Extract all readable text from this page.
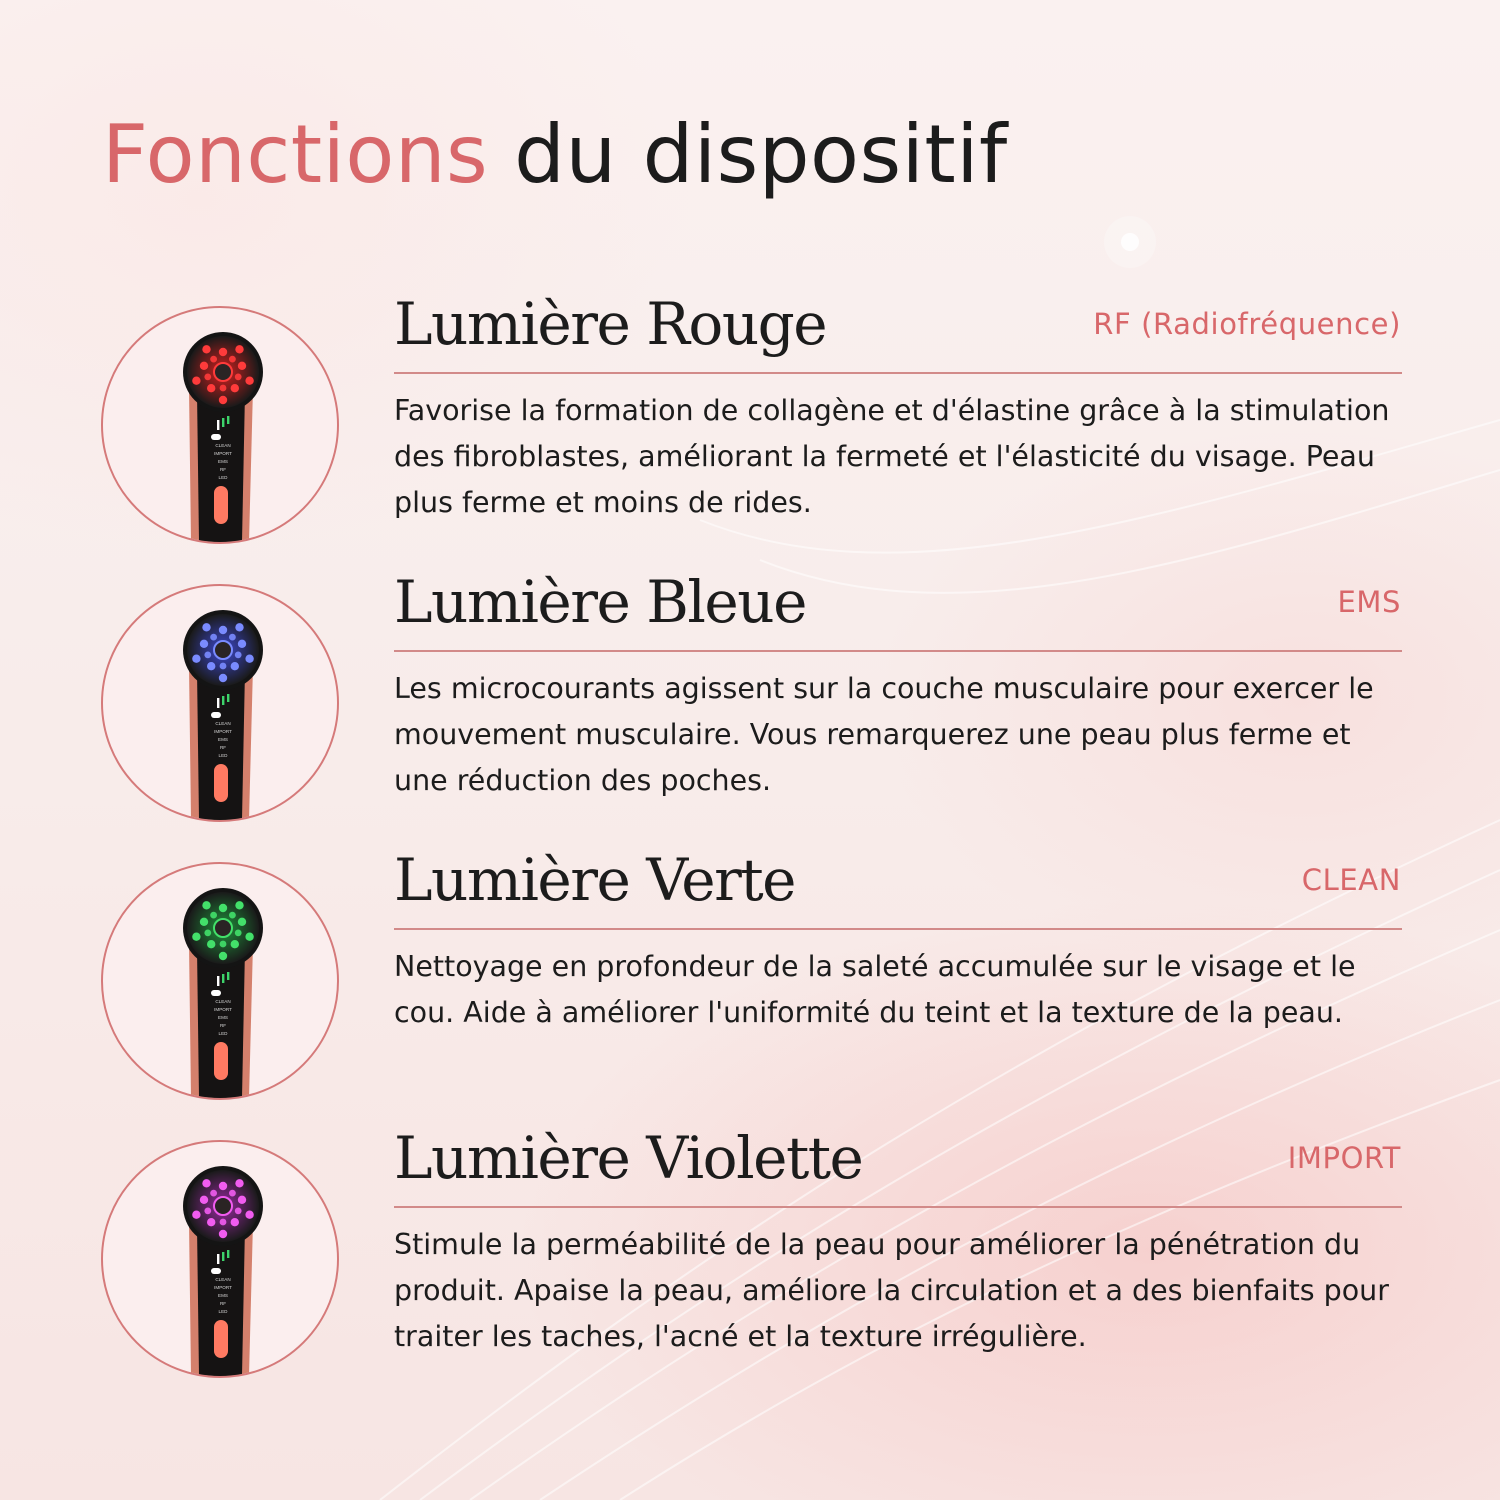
Fonctions du dispositif
CLEAN
IMPORT
EMS
RF
LED
Lumière Rouge	RF (Radiofréquence)

Favorise la formation de collagène et d'élastine grâce à la stimulation des fibroblastes, améliorant la fermeté et l'élasticité du visage. Peau plus ferme et moins de rides.

CLEAN
IMPORT
EMS
RF
LED
Lumière Bleue	EMS

Les microcourants agissent sur la couche musculaire pour exercer le mouvement musculaire. Vous remarquerez une peau plus ferme et une réduction des poches.

CLEAN
IMPORT
EMS
RF
LED
Lumière Verte	CLEAN

Nettoyage en profondeur de la saleté accumulée sur le visage et le cou. Aide à améliorer l'uniformité du teint et la texture de la peau.

CLEAN
IMPORT
EMS
RF
LED
Lumière Violette	IMPORT

Stimule la perméabilité de la peau pour améliorer la pénétration du produit. Apaise la peau, améliore la circulation et a des bienfaits pour traiter les taches, l'acné et la texture irrégulière.
